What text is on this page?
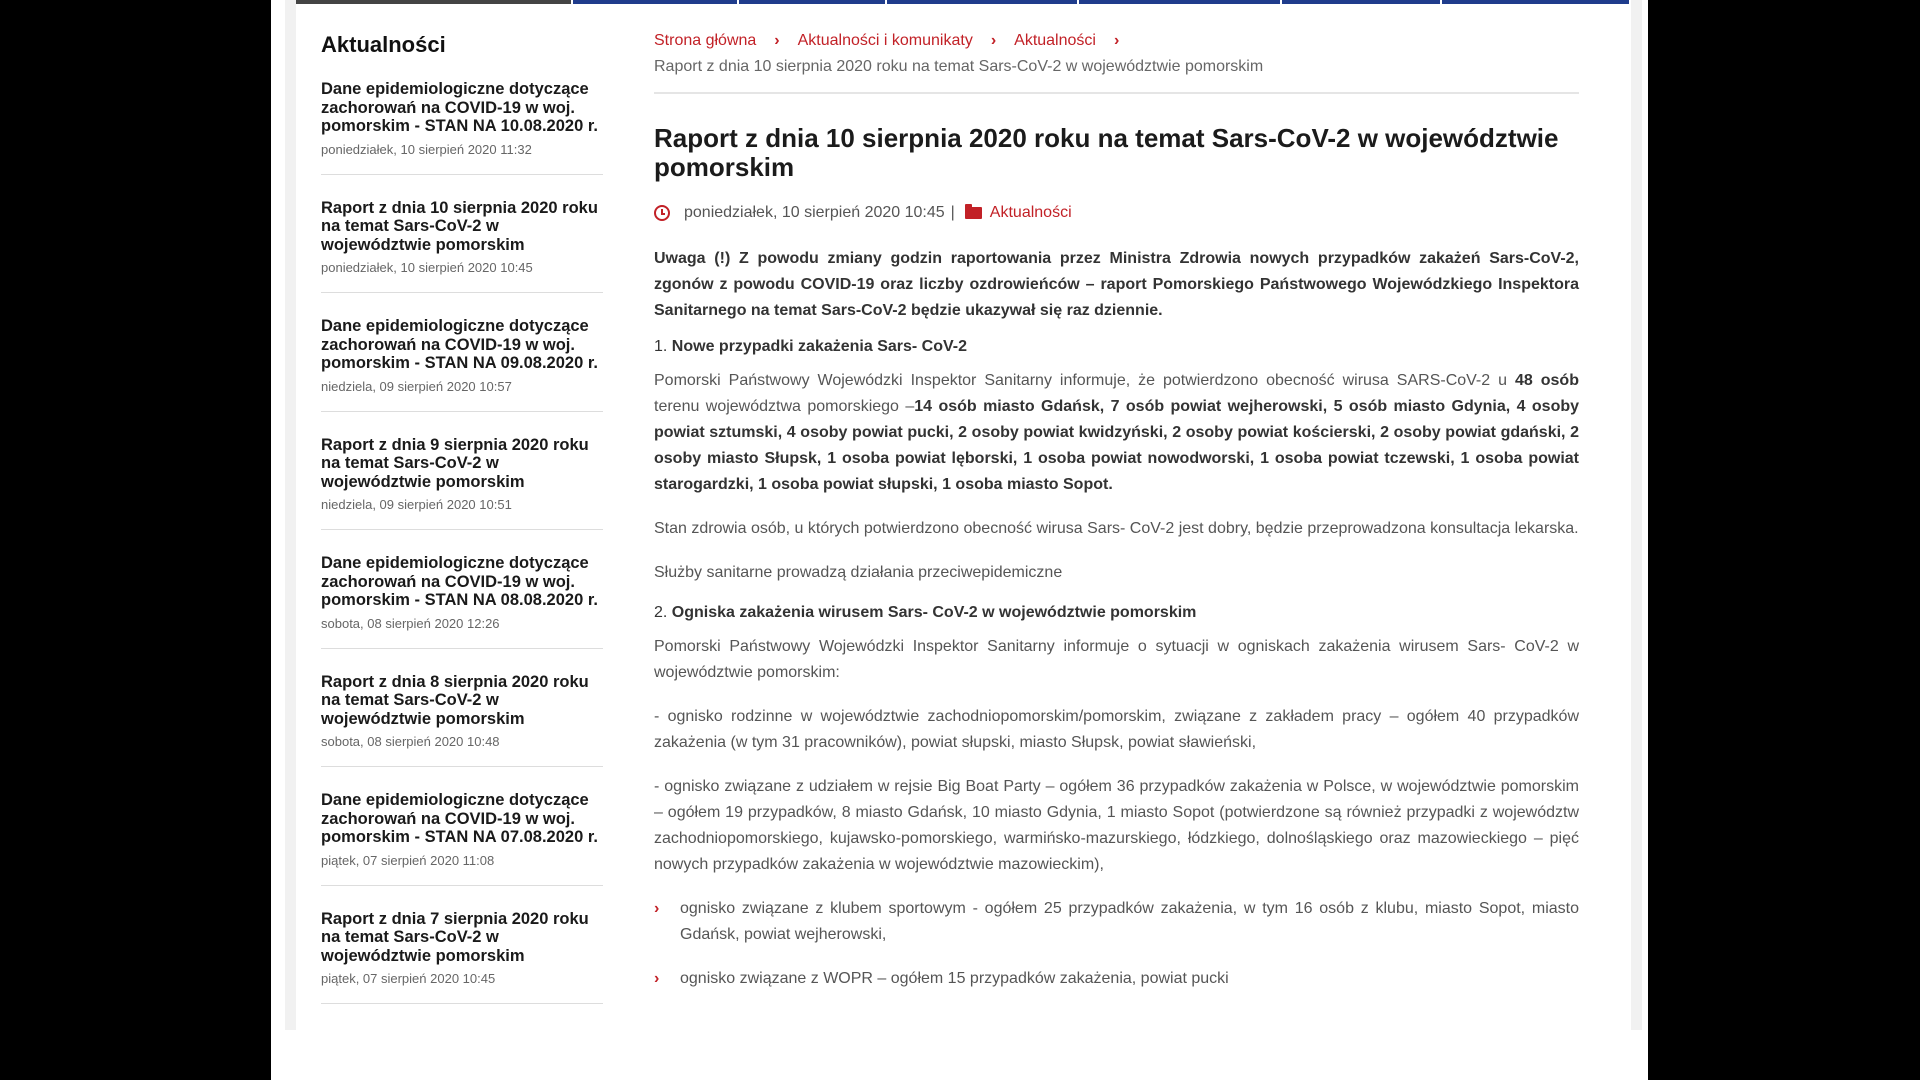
Aktualności
Dane epidemiologiczne dotyczące zachorowań na COVID-19 w woj. pomorskim - STAN NA 10.08.2020 r.
poniedziałek, 10 sierpień 2020 11:32
Raport z dnia 10 sierpnia 2020 roku na temat Sars-CoV-2 w województwie pomorskim
poniedziałek, 10 sierpień 2020 10:45
Dane epidemiologiczne dotyczące zachorowań na COVID-19 w woj. pomorskim - STAN NA 09.08.2020 r.
niedziela, 09 sierpień 2020 10:57
Raport z dnia 9 sierpnia 2020 roku na temat Sars-CoV-2 w województwie pomorskim
niedziela, 09 sierpień 2020 10:51
Dane epidemiologiczne dotyczące zachorowań na COVID-19 w woj. pomorskim - STAN NA 08.08.2020 r.
sobota, 08 sierpień 2020 12:26
Raport z dnia 8 sierpnia 2020 roku na temat Sars-CoV-2 w województwie pomorskim
sobota, 08 sierpień 2020 10:48
Dane epidemiologiczne dotyczące zachorowań na COVID-19 w woj. pomorskim - STAN NA 07.08.2020 r.
piątek, 07 sierpień 2020 11:08
Raport z dnia 7 sierpnia 2020 roku na temat Sars-CoV-2 w województwie pomorskim
piątek, 07 sierpień 2020 10:45
Strona główna › Aktualności i komunikaty › Aktualności ›
Raport z dnia 10 sierpnia 2020 roku na temat Sars-CoV-2 w województwie pomorskim
Raport z dnia 10 sierpnia 2020 roku na temat Sars-CoV-2 w województwie pomorskim
poniedziałek, 10 sierpień 2020 10:45 | Aktualności

Uwaga (!) Z powodu zmiany godzin raportowania przez Ministra Zdrowia nowych przypadków zakażeń Sars-CoV-2, zgonów z powodu COVID-19 oraz liczby ozdrowieńców – raport Pomorskiego Państwowego Wojewódzkiego Inspektora Sanitarnego na temat Sars-CoV-2 będzie ukazywał się raz dziennie.

1. Nowe przypadki zakażenia Sars- CoV-2

Pomorski Państwowy Wojewódzki Inspektor Sanitarny informuje, że potwierdzono obecność wirusa SARS-CoV-2 u 48 osób terenu województwa pomorskiego –14 osób miasto Gdańsk, 7 osób powiat wejherowski, 5 osób miasto Gdynia, 4 osoby powiat sztumski, 4 osoby powiat pucki, 2 osoby powiat kwidzyński, 2 osoby powiat kościerski, 2 osoby powiat gdański, 2 osoby miasto Słupsk, 1 osoba powiat lęborski, 1 osoba powiat nowodworski, 1 osoba powiat tczewski, 1 osoba powiat starogardzki, 1 osoba powiat słupski, 1 osoba miasto Sopot.

Stan zdrowia osób, u których potwierdzono obecność wirusa Sars- CoV-2 jest dobry, będzie przeprowadzona konsultacja lekarska.

Służby sanitarne prowadzą działania przeciwepidemiczne

2. Ogniska zakażenia wirusem Sars- CoV-2 w województwie pomorskim

Pomorski Państwowy Wojewódzki Inspektor Sanitarny informuje o sytuacji w ogniskach zakażenia wirusem Sars- CoV-2 w województwie pomorskim:

- ognisko rodzinne w województwie zachodniopomorskim/pomorskim, związane z zakładem pracy – ogółem 40 przypadków zakażenia (w tym 31 pracowników), powiat słupski, miasto Słupsk, powiat sławieński,

- ognisko związane z udziałem w rejsie Big Boat Party – ogółem 36 przypadków zakażenia w Polsce, w województwie pomorskim – ogółem 19 przypadków, 8 miasto Gdańsk, 10 miasto Gdynia, 1 miasto Sopot (potwierdzone są również przypadki z województw zachodniopomorskiego, kujawsko-pomorskiego, warmińsko-mazurskiego, łódzkiego, dolnośląskiego oraz mazowieckiego – pięć nowych przypadków zakażenia w województwie mazowieckim),

› ognisko związane z klubem sportowym - ogółem 25 przypadków zakażenia, w tym 16 osób z klubu, miasto Sopot, miasto Gdańsk, powiat wejherowski,
› ognisko związane z WOPR – ogółem 15 przypadków zakażenia, powiat pucki
